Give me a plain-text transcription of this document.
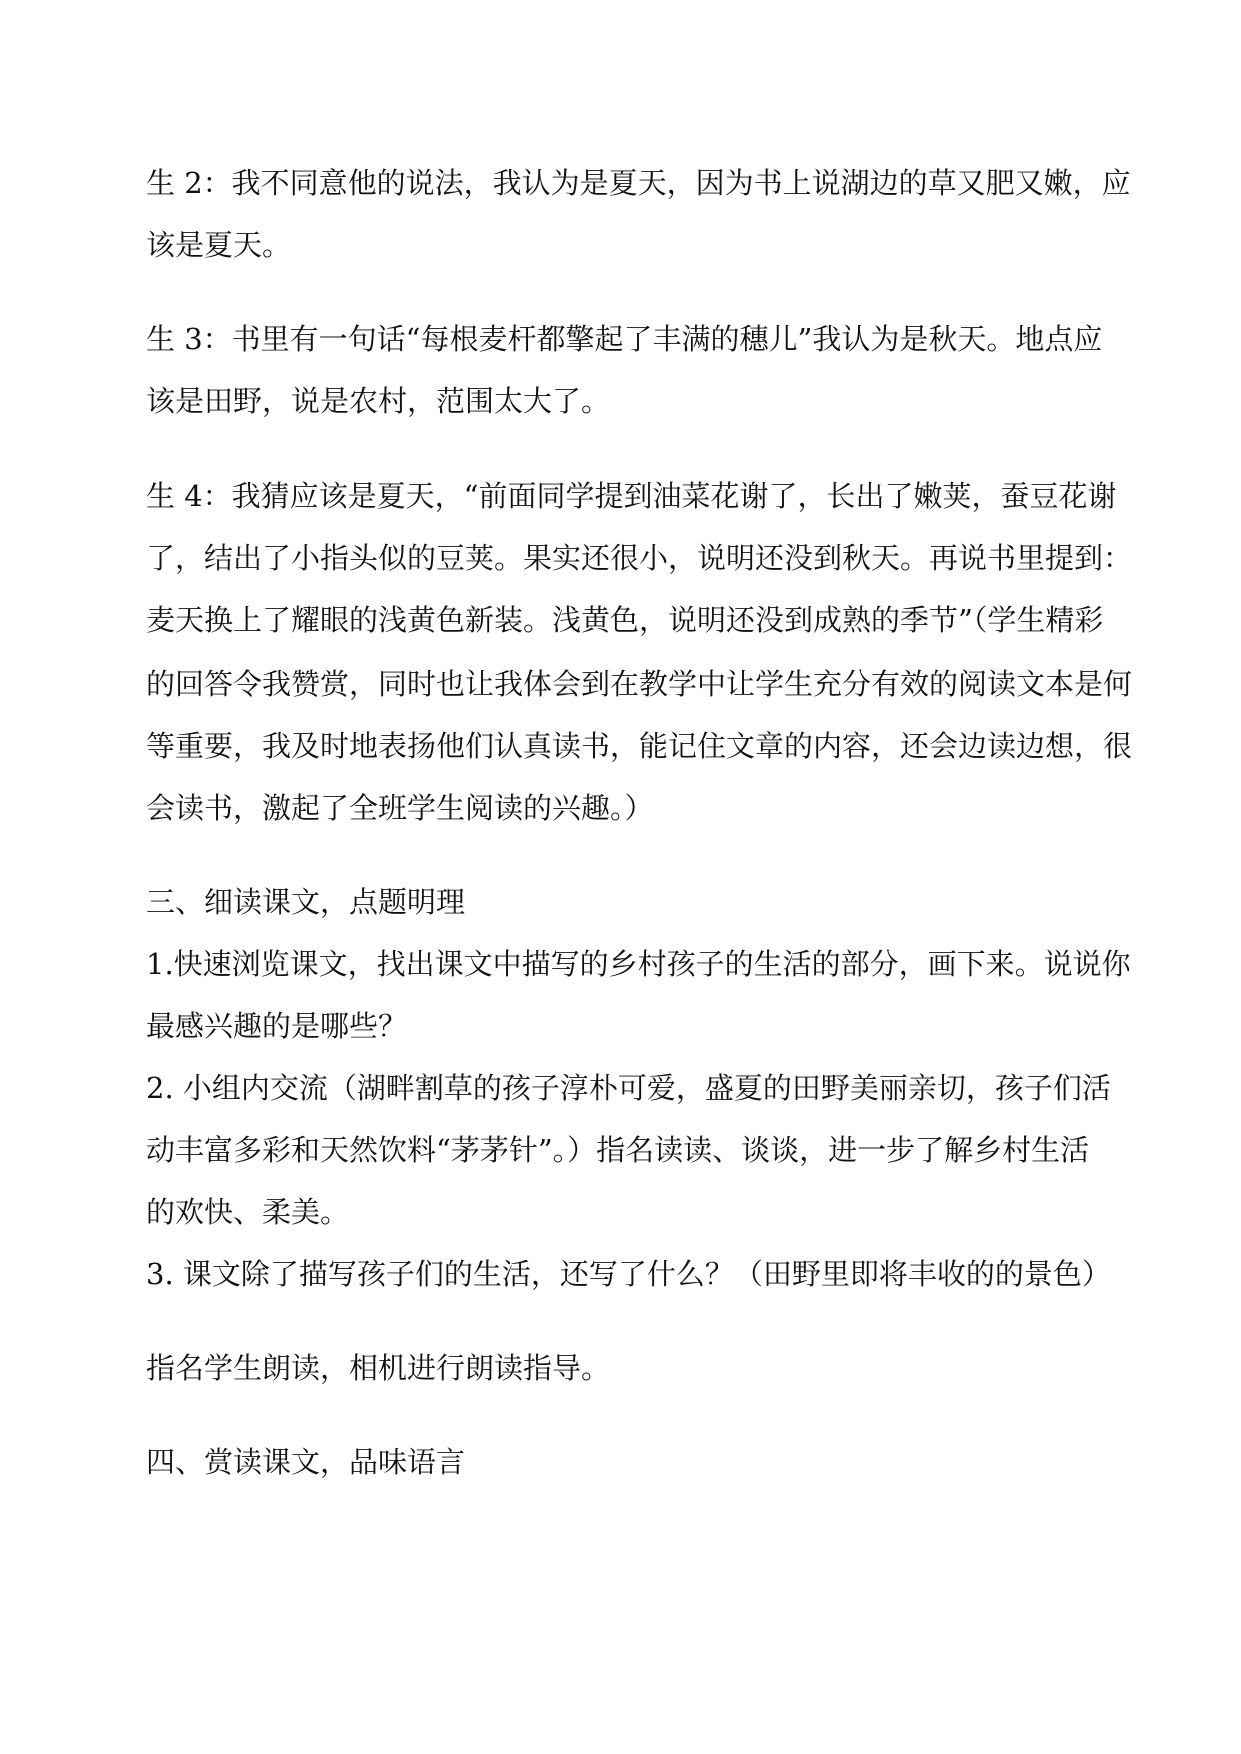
生 2：我不同意他的说法，我认为是夏天，因为书上说湖边的草又肥又嫩，应
该是夏天。
生 3：书里有一句话“每根麦杆都擎起了丰满的穗儿”我认为是秋天。地点应
该是田野，说是农村，范围太大了。
生 4：我猜应该是夏天，“前面同学提到油菜花谢了，长出了嫩荚，蚕豆花谢
了，结出了小指头似的豆荚。果实还很小，说明还没到秋天。再说书里提到：
麦天换上了耀眼的浅黄色新装。浅黄色，说明还没到成熟的季节”（学生精彩
的回答令我赞赏，同时也让我体会到在教学中让学生充分有效的阅读文本是何
等重要，我及时地表扬他们认真读书，能记住文章的内容，还会边读边想，很
会读书，激起了全班学生阅读的兴趣。）
三、细读课文，点题明理
1.快速浏览课文，找出课文中描写的乡村孩子的生活的部分，画下来。说说你
最感兴趣的是哪些？
2. 小组内交流（湖畔割草的孩子淳朴可爱，盛夏的田野美丽亲切，孩子们活
动丰富多彩和天然饮料“茅茅针”。）指名读读、谈谈，进一步了解乡村生活
的欢快、柔美。
3. 课文除了描写孩子们的生活，还写了什么？（田野里即将丰收的的景色）
指名学生朗读，相机进行朗读指导。
四、赏读课文，品味语言
